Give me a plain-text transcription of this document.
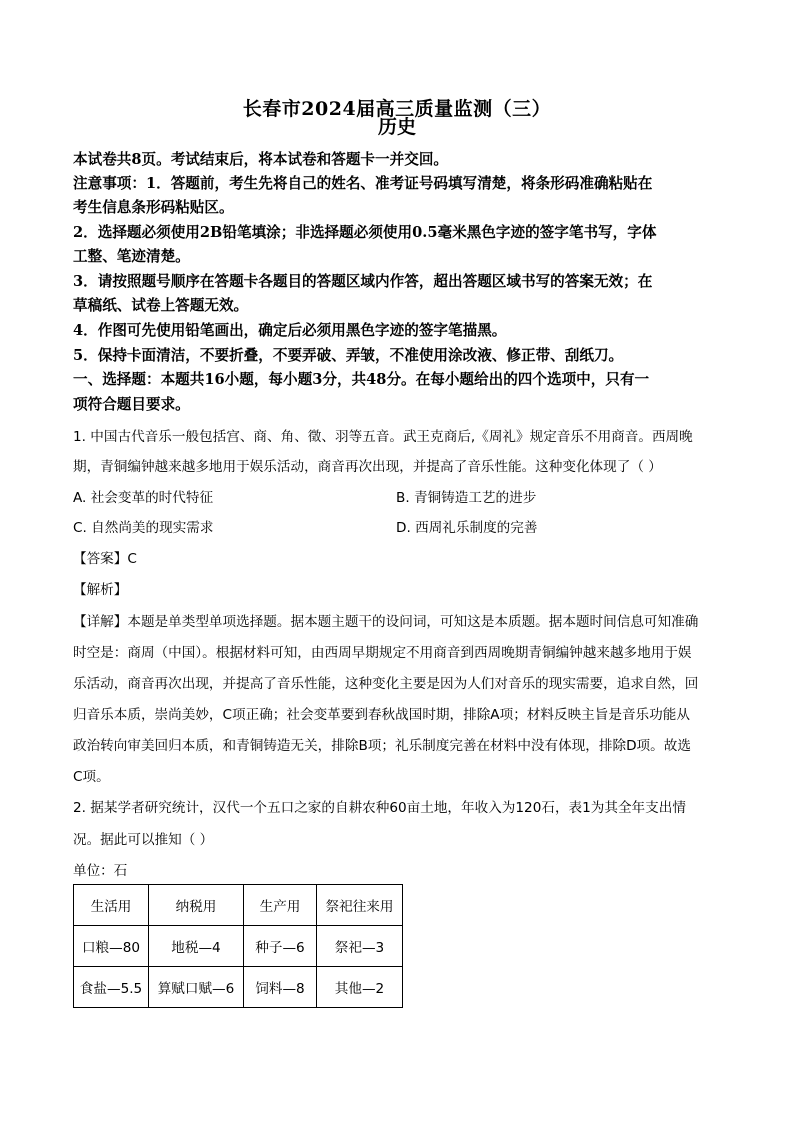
长春市2024届高三质量监测（三）
历史
本试卷共8页。考试结束后，将本试卷和答题卡一并交回。
注意事项：1．答题前，考生先将自己的姓名、准考证号码填写清楚，将条形码准确粘贴在
考生信息条形码粘贴区。
2．选择题必须使用2B铅笔填涂；非选择题必须使用0.5毫米黑色字迹的签字笔书写，字体
工整、笔迹清楚。
3．请按照题号顺序在答题卡各题目的答题区域内作答，超出答题区域书写的答案无效；在
草稿纸、试卷上答题无效。
4．作图可先使用铅笔画出，确定后必须用黑色字迹的签字笔描黑。
5．保持卡面清洁，不要折叠，不要弄破、弄皱，不准使用涂改液、修正带、刮纸刀。
一、选择题：本题共16小题，每小题3分，共48分。在每小题给出的四个选项中，只有一
项符合题目要求。
1. 中国古代音乐一般包括宫、商、角、徵、羽等五音。武王克商后,《周礼》规定音乐不用商音。西周晚
期，青铜编钟越来越多地用于娱乐活动，商音再次出现，并提高了音乐性能。这种变化体现了（ ）
A. 社会变革的时代特征	B. 青铜铸造工艺的进步
C. 自然尚美的现实需求	D. 西周礼乐制度的完善
【答案】C
【解析】
【详解】本题是单类型单项选择题。据本题主题干的设问词，可知这是本质题。据本题时间信息可知准确
时空是：商周（中国）。根据材料可知，由西周早期规定不用商音到西周晚期青铜编钟越来越多地用于娱
乐活动，商音再次出现，并提高了音乐性能，这种变化主要是因为人们对音乐的现实需要，追求自然，回
归音乐本质，崇尚美妙，C项正确；社会变革要到春秋战国时期，排除A项；材料反映主旨是音乐功能从
政治转向审美回归本质，和青铜铸造无关，排除B项；礼乐制度完善在材料中没有体现，排除D项。故选
C项。
2. 据某学者研究统计，汉代一个五口之家的自耕农种60亩土地，年收入为120石，表1为其全年支出情
况。据此可以推知（ ）
单位：石
生活用	纳税用	生产用	祭祀往来用
口粮—80	地税—4	种子—6	祭祀—3
食盐—5.5	算赋口赋—6	饲料—8	其他—2
